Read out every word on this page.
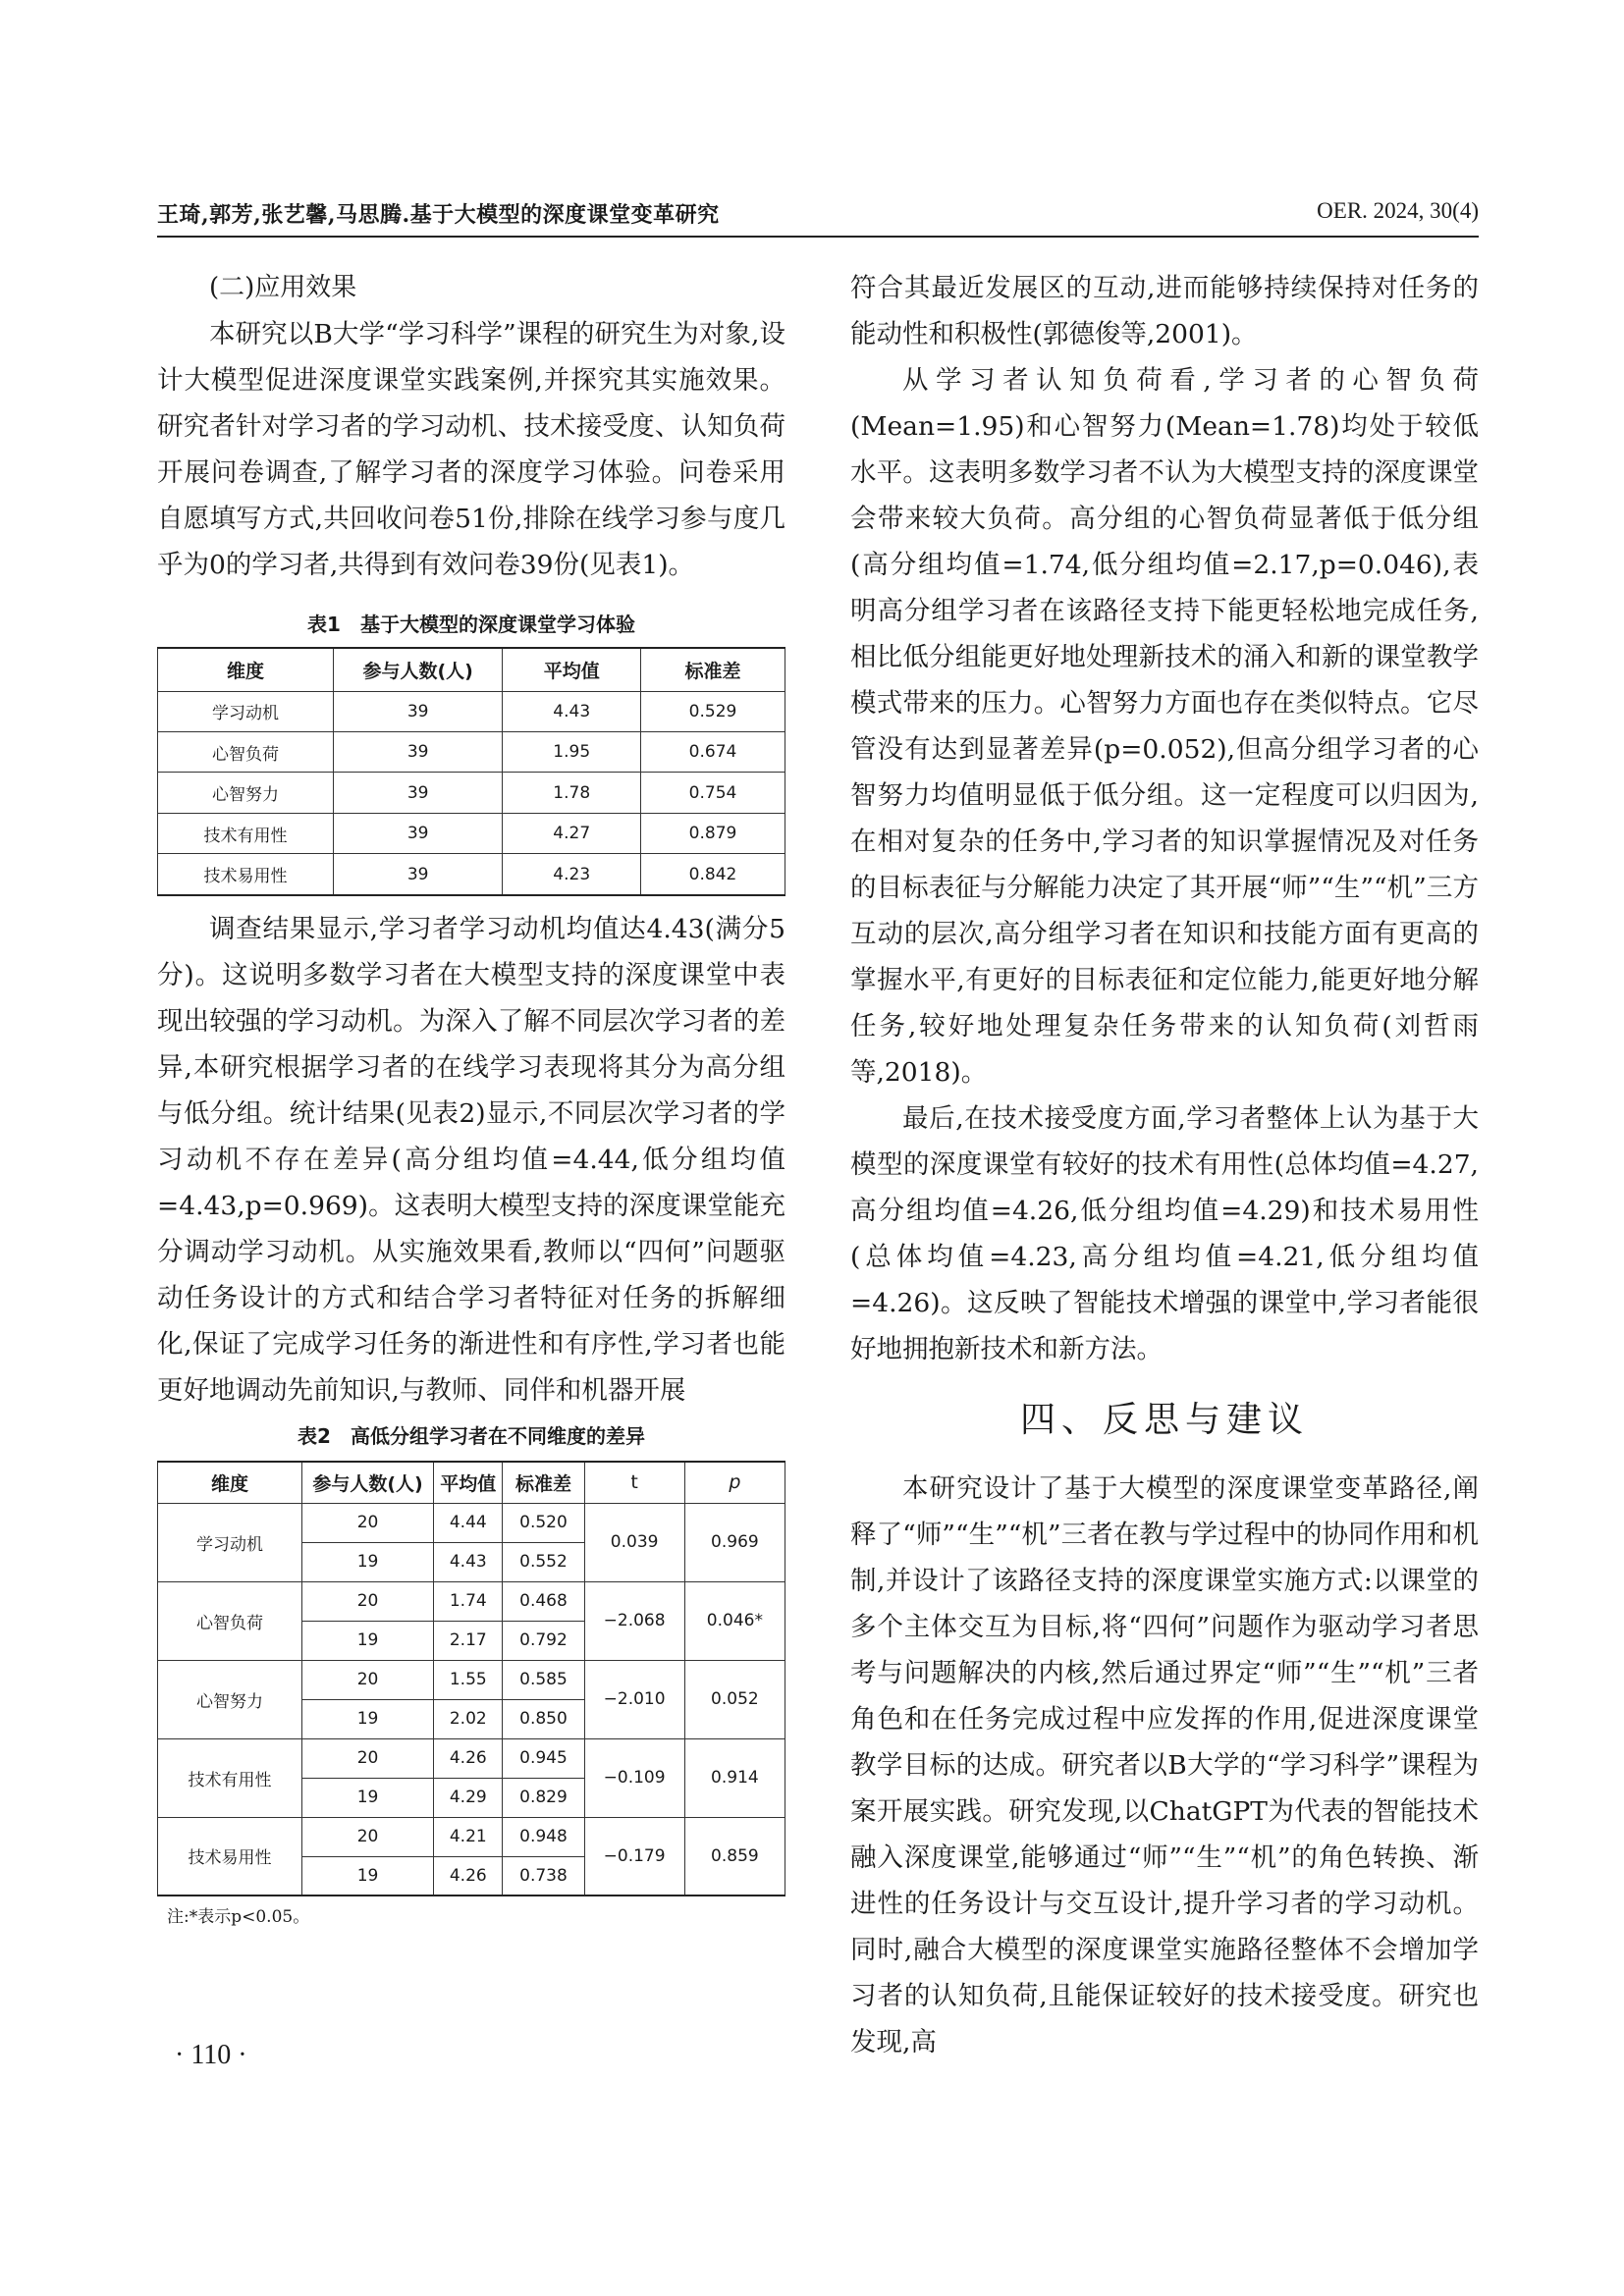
王琦,郭芳,张艺馨,马思腾.基于大模型的深度课堂变革研究	OER. 2024, 30(4)

(二)应用效果

本研究以B大学“学习科学”课程的研究生为对象,设计大模型促进深度课堂实践案例,并探究其实施效果。研究者针对学习者的学习动机、技术接受度、认知负荷开展问卷调查,了解学习者的深度学习体验。问卷采用自愿填写方式,共回收问卷51份,排除在线学习参与度几乎为0的学习者,共得到有效问卷39份(见表1)。

表1　基于大模型的深度课堂学习体验

维度	参与人数(人)	平均值	标准差
学习动机	39	4.43	0.529
心智负荷	39	1.95	0.674
心智努力	39	1.78	0.754
技术有用性	39	4.27	0.879
技术易用性	39	4.23	0.842

调查结果显示,学习者学习动机均值达4.43(满分5分)。这说明多数学习者在大模型支持的深度课堂中表现出较强的学习动机。为深入了解不同层次学习者的差异,本研究根据学习者的在线学习表现将其分为高分组与低分组。统计结果(见表2)显示,不同层次学习者的学习动机不存在差异(高分组均值=4.44,低分组均值=4.43,p=0.969)。这表明大模型支持的深度课堂能充分调动学习动机。从实施效果看,教师以“四何”问题驱动任务设计的方式和结合学习者特征对任务的拆解细化,保证了完成学习任务的渐进性和有序性,学习者也能更好地调动先前知识,与教师、同伴和机器开展

表2　高低分组学习者在不同维度的差异

维度	参与人数(人)	平均值	标准差	t	p
学习动机	20	4.44	0.520	0.039	0.969
	19	4.43	0.552		
心智负荷	20	1.74	0.468	−2.068	0.046*
	19	2.17	0.792		
心智努力	20	1.55	0.585	−2.010	0.052
	19	2.02	0.850		
技术有用性	20	4.26	0.945	−0.109	0.914
	19	4.29	0.829		
技术易用性	20	4.21	0.948	−0.179	0.859
	19	4.26	0.738		

注:*表示p<0.05。

符合其最近发展区的互动,进而能够持续保持对任务的能动性和积极性(郭德俊等,2001)。

从学习者认知负荷看,学习者的心智负荷(Mean=1.95)和心智努力(Mean=1.78)均处于较低水平。这表明多数学习者不认为大模型支持的深度课堂会带来较大负荷。高分组的心智负荷显著低于低分组(高分组均值=1.74,低分组均值=2.17,p=0.046),表明高分组学习者在该路径支持下能更轻松地完成任务,相比低分组能更好地处理新技术的涌入和新的课堂教学模式带来的压力。心智努力方面也存在类似特点。它尽管没有达到显著差异(p=0.052),但高分组学习者的心智努力均值明显低于低分组。这一定程度可以归因为,在相对复杂的任务中,学习者的知识掌握情况及对任务的目标表征与分解能力决定了其开展“师”“生”“机”三方互动的层次,高分组学习者在知识和技能方面有更高的掌握水平,有更好的目标表征和定位能力,能更好地分解任务,较好地处理复杂任务带来的认知负荷(刘哲雨等,2018)。

最后,在技术接受度方面,学习者整体上认为基于大模型的深度课堂有较好的技术有用性(总体均值=4.27,高分组均值=4.26,低分组均值=4.29)和技术易用性(总体均值=4.23,高分组均值=4.21,低分组均值=4.26)。这反映了智能技术增强的课堂中,学习者能很好地拥抱新技术和新方法。

四、反思与建议

本研究设计了基于大模型的深度课堂变革路径,阐释了“师”“生”“机”三者在教与学过程中的协同作用和机制,并设计了该路径支持的深度课堂实施方式:以课堂的多个主体交互为目标,将“四何”问题作为驱动学习者思考与问题解决的内核,然后通过界定“师”“生”“机”三者角色和在任务完成过程中应发挥的作用,促进深度课堂教学目标的达成。研究者以B大学的“学习科学”课程为案开展实践。研究发现,以ChatGPT为代表的智能技术融入深度课堂,能够通过“师”“生”“机”的角色转换、渐进性的任务设计与交互设计,提升学习者的学习动机。同时,融合大模型的深度课堂实施路径整体不会增加学习者的认知负荷,且能保证较好的技术接受度。研究也发现,高

· 110 ·
